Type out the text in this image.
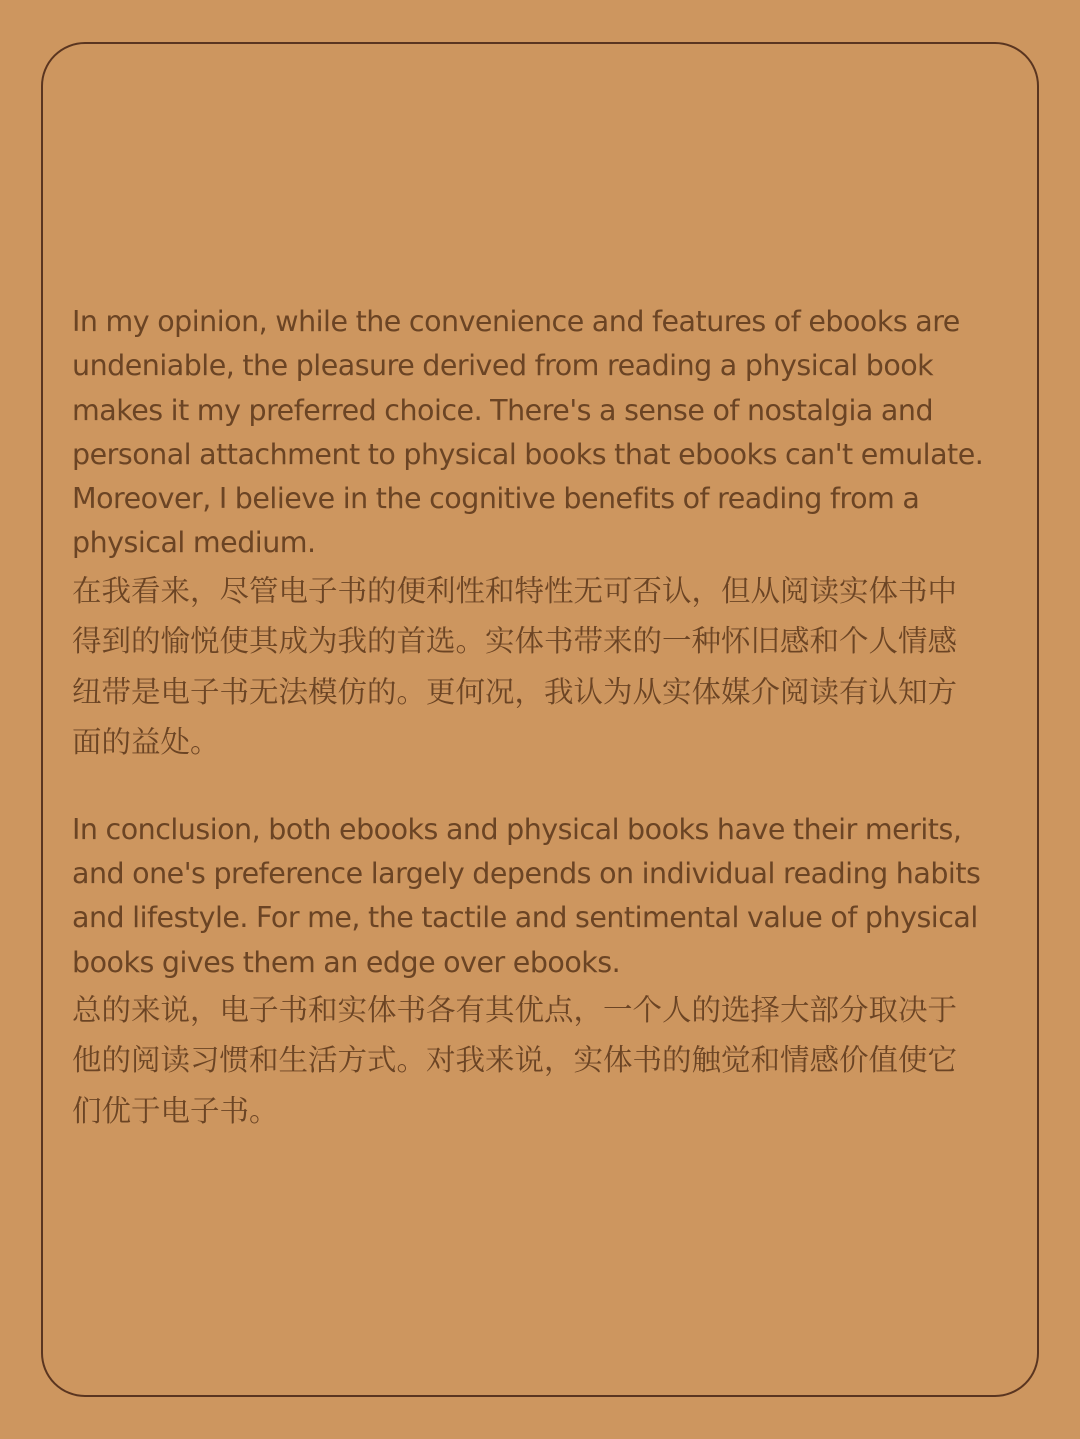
In my opinion, while the convenience and features of ebooks are
undeniable, the pleasure derived from reading a physical book
makes it my preferred choice. There's a sense of nostalgia and
personal attachment to physical books that ebooks can't emulate.
Moreover, I believe in the cognitive benefits of reading from a
physical medium.

在我看来，尽管电子书的便利性和特性无可否认，但从阅读实体书中
得到的愉悦使其成为我的首选。实体书带来的一种怀旧感和个人情感
纽带是电子书无法模仿的。更何况，我认为从实体媒介阅读有认知方
面的益处。

In conclusion, both ebooks and physical books have their merits,
and one's preference largely depends on individual reading habits
and lifestyle. For me, the tactile and sentimental value of physical
books gives them an edge over ebooks.

总的来说，电子书和实体书各有其优点，一个人的选择大部分取决于
他的阅读习惯和生活方式。对我来说，实体书的触觉和情感价值使它
们优于电子书。
